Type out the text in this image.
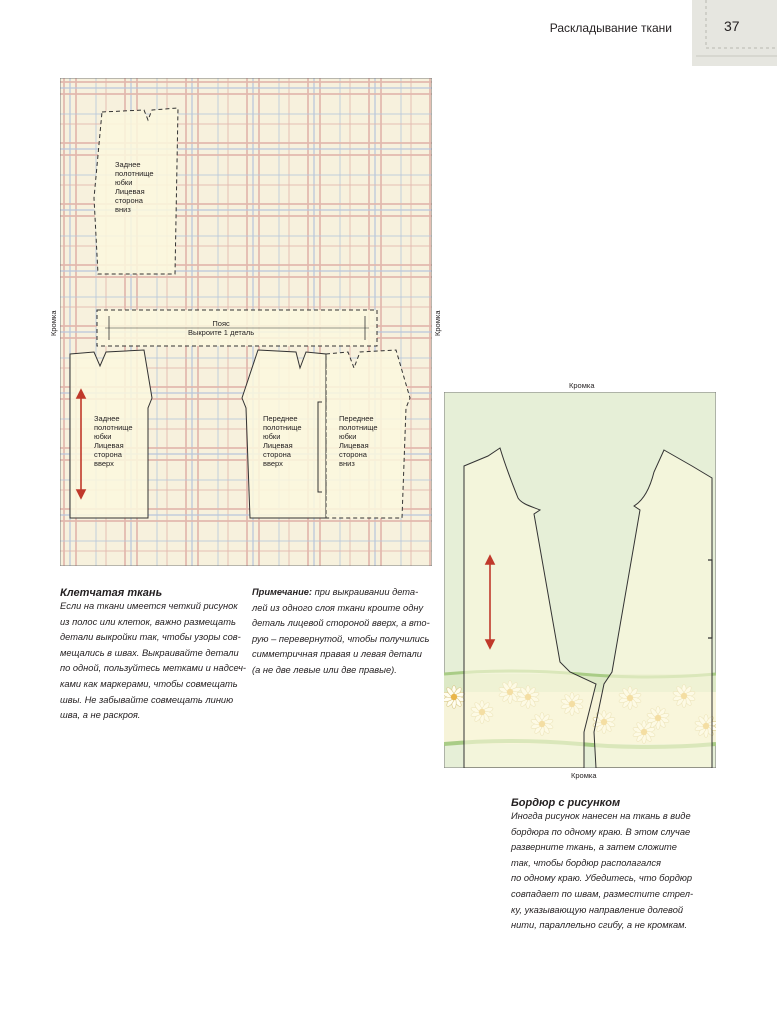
Раскладывание ткани	37
Заднее
полотнище
юбки
Лицевая
сторона
вниз
Пояс
Выкроите 1 деталь
Заднее
полотнище
юбки
Лицевая
сторона
вверх
Переднее
полотнище
юбки
Лицевая
сторона
вверх
Переднее
полотнище
юбки
Лицевая
сторона
вниз
Кромка	Кромка
Кромка
Кромка
Клетчатая ткань
Если на ткани имеется четкий рисунок
из полос или клеток, важно размещать
детали выкройки так, чтобы узоры сов-
мещались в швах. Выкраивайте детали
по одной, пользуйтесь метками и надсеч-
ками как маркерами, чтобы совмещать
швы. Не забывайте совмещать линию
шва, а не раскроя.
Примечание: при выкраивании дета-
лей из одного слоя ткани кроите одну
деталь лицевой стороной вверх, а вто-
рую – перевернутой, чтобы получились
симметричная правая и левая детали
(а не две левые или две правые).
Бордюр с рисунком
Иногда рисунок нанесен на ткань в виде
бордюра по одному краю. В этом случае
разверните ткань, а затем сложите
так, чтобы бордюр располагался
по одному краю. Убедитесь, что бордюр
совпадает по швам, разместите стрел-
ку, указывающую направление долевой
нити, параллельно сгибу, а не кромкам.
